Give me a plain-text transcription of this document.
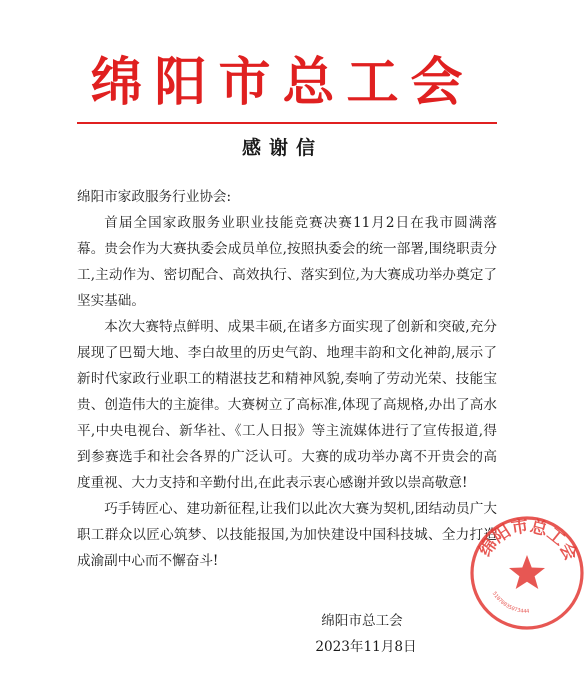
绵阳市总工会
感谢信

绵阳市家政服务行业协会:

首届全国家政服务业职业技能竞赛决赛11月2日在我市圆满落幕。贵会作为大赛执委会成员单位,按照执委会的统一部署,围绕职责分工,主动作为、密切配合、高效执行、落实到位,为大赛成功举办奠定了坚实基础。

本次大赛特点鲜明、成果丰硕,在诸多方面实现了创新和突破,充分展现了巴蜀大地、李白故里的历史气韵、地理丰韵和文化神韵,展示了新时代家政行业职工的精湛技艺和精神风貌,奏响了劳动光荣、技能宝贵、创造伟大的主旋律。大赛树立了高标准,体现了高规格,办出了高水平,中央电视台、新华社、《工人日报》等主流媒体进行了宣传报道,得到参赛选手和社会各界的广泛认可。大赛的成功举办离不开贵会的高度重视、大力支持和辛勤付出,在此表示衷心感谢并致以崇高敬意!

巧手铸匠心、建功新征程,让我们以此次大赛为契机,团结动员广大职工群众以匠心筑梦、以技能报国,为加快建设中国科技城、全力打造成渝副中心而不懈奋斗!

绵阳市总工会
2023年11月8日
绵阳市总工会
51070035073444
